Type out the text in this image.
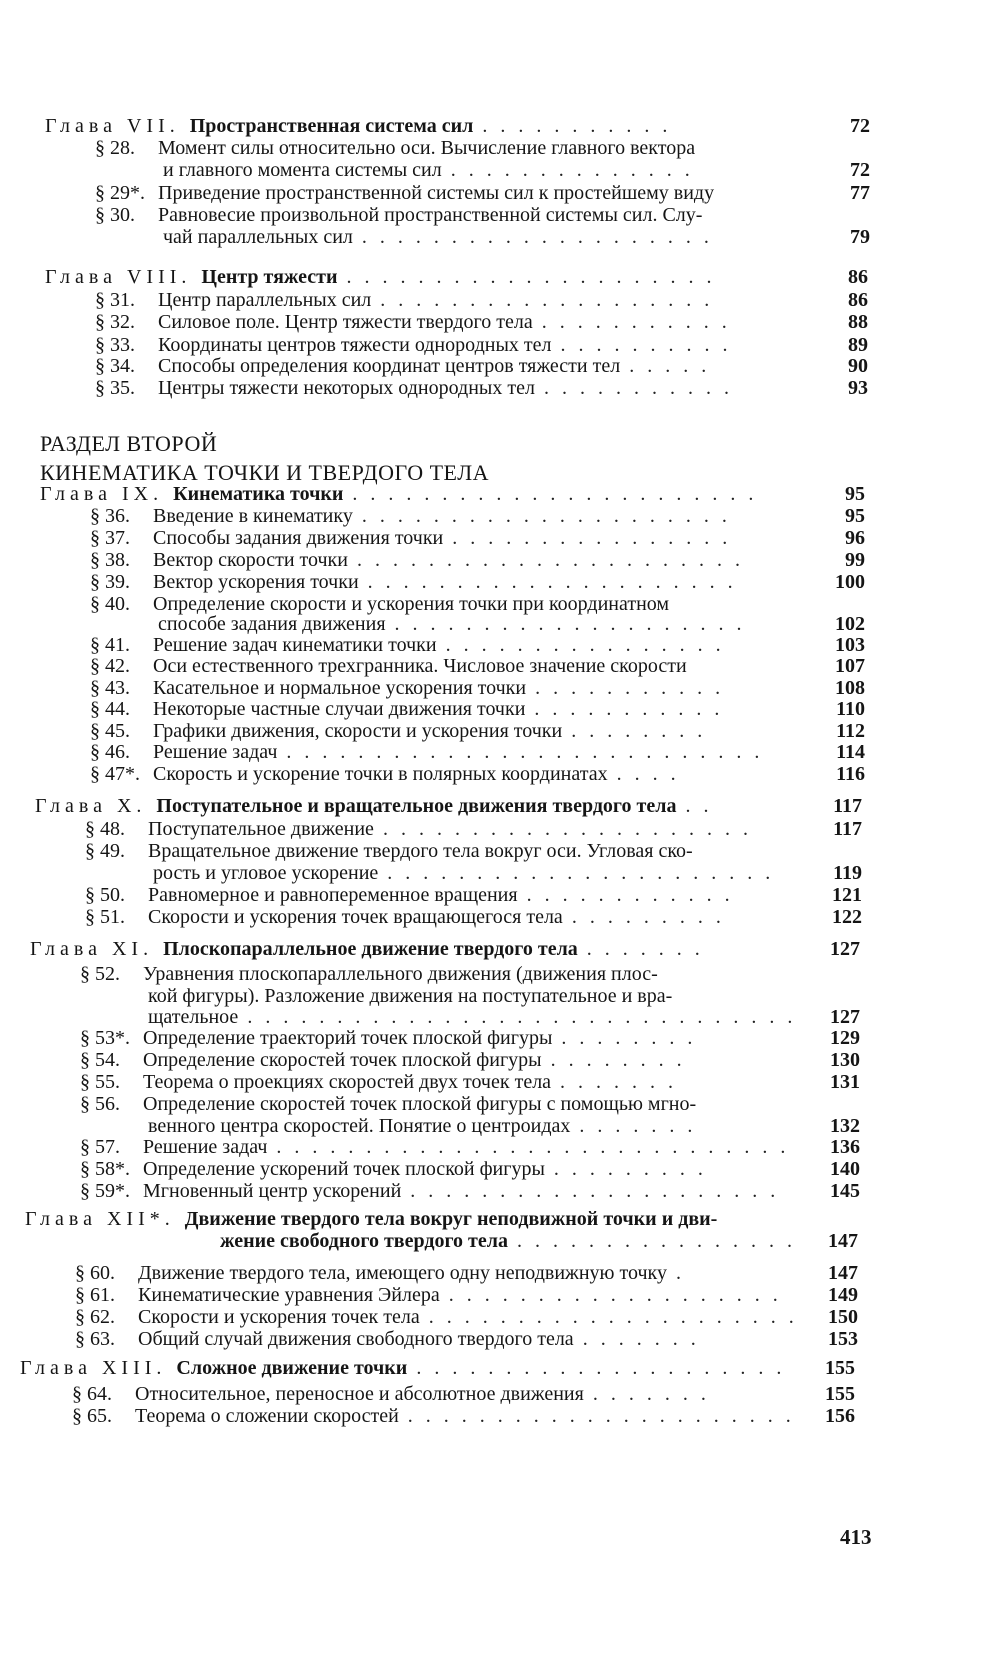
РАЗДЕЛ ВТОРОЙ
КИНЕМАТИКА ТОЧКИ И ТВЕРДОГО ТЕЛА
413
Глава VII. Пространственная система сил . . . . . . . . . . .	72
§ 28. Момент силы относительно оси. Вычисление главного вектора
и главного момента системы сил . . . . . . . . . . . . . .	72
§ 29*. Приведение пространственной системы сил к простейшему виду	77
§ 30. Равновесие произвольной пространственной системы сил. Слу-
чай параллельных сил . . . . . . . . . . . . . . . . . . . .	79
Глава VIII. Центр тяжести . . . . . . . . . . . . . . . . . . . . .	86
§ 31. Центр параллельных сил . . . . . . . . . . . . . . . . . . .	86
§ 32. Силовое поле. Центр тяжести твердого тела . . . . . . . . . . .	88
§ 33. Координаты центров тяжести однородных тел . . . . . . . . . .	89
§ 34. Способы определения координат центров тяжести тел . . . . .	90
§ 35. Центры тяжести некоторых однородных тел . . . . . . . . . . .	93
Глава IX. Кинематика точки . . . . . . . . . . . . . . . . . . . . . . .	95
§ 36. Введение в кинематику . . . . . . . . . . . . . . . . . . . . .	95
§ 37. Способы задания движения точки . . . . . . . . . . . . . . . .	96
§ 38. Вектор скорости точки . . . . . . . . . . . . . . . . . . . . . .	99
§ 39. Вектор ускорения точки . . . . . . . . . . . . . . . . . . . . .	100
§ 40. Определение скорости и ускорения точки при координатном
способе задания движения . . . . . . . . . . . . . . . . . . . .	102
§ 41. Решение задач кинематики точки . . . . . . . . . . . . . . . .	103
§ 42. Оси естественного трехгранника. Числовое значение скорости	107
§ 43. Касательное и нормальное ускорения точки . . . . . . . . . . .	108
§ 44. Некоторые частные случаи движения точки . . . . . . . . . . .	110
§ 45. Графики движения, скорости и ускорения точки . . . . . . . .	112
§ 46. Решение задач . . . . . . . . . . . . . . . . . . . . . . . . . . .	114
§ 47*. Скорость и ускорение точки в полярных координатах . . . .	116
Глава X. Поступательное и вращательное движения твердого тела . .	117
§ 48. Поступательное движение . . . . . . . . . . . . . . . . . . . . .	117
§ 49. Вращательное движение твердого тела вокруг оси. Угловая ско-
рость и угловое ускорение . . . . . . . . . . . . . . . . . . . . . .	119
§ 50. Равномерное и равнопеременное вращения . . . . . . . . . . . .	121
§ 51. Скорости и ускорения точек вращающегося тела . . . . . . . . .	122
Глава XI. Плоскопараллельное движение твердого тела . . . . . . .	127
§ 52. Уравнения плоскопараллельного движения (движения плос-
кой фигуры). Разложение движения на поступательное и вра-
щательное . . . . . . . . . . . . . . . . . . . . . . . . . . . . . . .	127
§ 53*. Определение траекторий точек плоской фигуры . . . . . . . .	129
§ 54. Определение скоростей точек плоской фигуры . . . . . . . .	130
§ 55. Теорема о проекциях скоростей двух точек тела . . . . . . .	131
§ 56. Определение скоростей точек плоской фигуры с помощью мгно-
венного центра скоростей. Понятие о центроидах . . . . . . .	132
§ 57. Решение задач . . . . . . . . . . . . . . . . . . . . . . . . . . . . .	136
§ 58*. Определение ускорений точек плоской фигуры . . . . . . . . .	140
§ 59*. Мгновенный центр ускорений . . . . . . . . . . . . . . . . . . . . .	145
Глава XII*. Движение твердого тела вокруг неподвижной точки и дви-
жение свободного твердого тела . . . . . . . . . . . . . . . .	147
§ 60. Движение твердого тела, имеющего одну неподвижную точку .	147
§ 61. Кинематические уравнения Эйлера . . . . . . . . . . . . . . . . . . .	149
§ 62. Скорости и ускорения точек тела . . . . . . . . . . . . . . . . . . . . .	150
§ 63. Общий случай движения свободного твердого тела . . . . . . .	153
Глава XIII. Сложное движение точки . . . . . . . . . . . . . . . . . . . . .	155
§ 64. Относительное, переносное и абсолютное движения . . . . . . .	155
§ 65. Теорема о сложении скоростей . . . . . . . . . . . . . . . . . . . . . .	156
